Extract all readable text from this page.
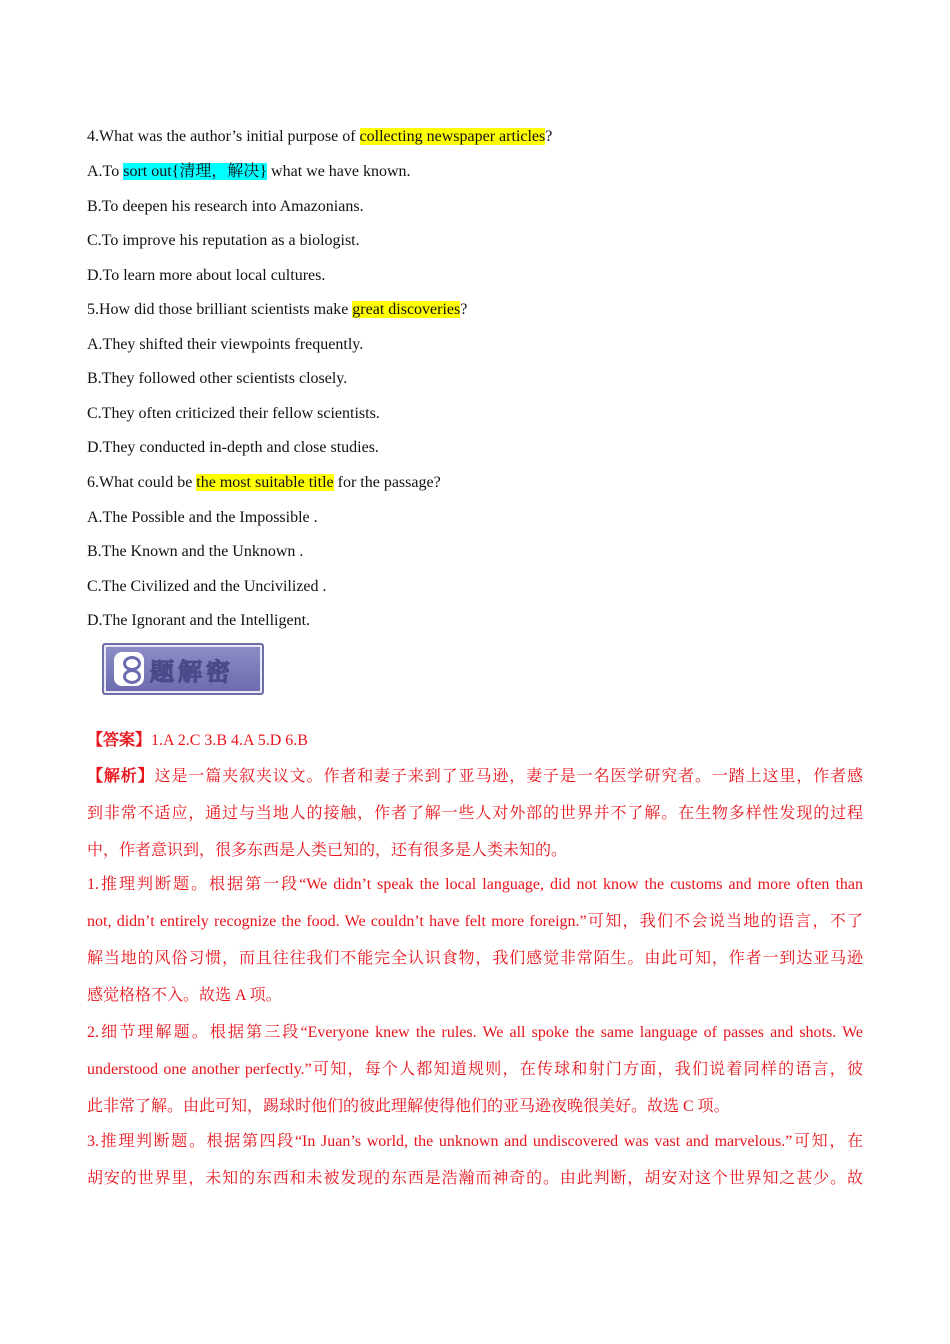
4.What was the author’s initial purpose of collecting newspaper articles?
A.To sort out{清理，解决} what we have known.
B.To deepen his research into Amazonians.
C.To improve his reputation as a biologist.
D.To learn more about local cultures.
5.How did those brilliant scientists make great discoveries?
A.They shifted their viewpoints frequently.
B.They followed other scientists closely.
C.They often criticized their fellow scientists.
D.They conducted in-depth and close studies.
6.What could be the most suitable title for the passage?
A.The Possible and the Impossible .
B.The Known and the Unknown .
C.The Civilized and the Uncivilized .
D.The Ignorant and the Intelligent.
题解密
【答案】1.A 2.C 3.B 4.A 5.D 6.B
【解析】这是一篇夹叙夹议文。作者和妻子来到了亚马逊，妻子是一名医学研究者。一踏上这里，作者感
到非常不适应，通过与当地人的接触，作者了解一些人对外部的世界并不了解。在生物多样性发现的过程
中，作者意识到，很多东西是人类已知的，还有很多是人类未知的。
1.推理判断题。根据第一段“We didn’t speak the local language, did not know the customs and more often than
not, didn’t entirely recognize the food. We couldn’t have felt more foreign.”可知，我们不会说当地的语言，不了
解当地的风俗习惯，而且往往我们不能完全认识食物，我们感觉非常陌生。由此可知，作者一到达亚马逊
感觉格格不入。故选 A 项。
2.细节理解题。根据第三段“Everyone knew the rules. We all spoke the same language of passes and shots. We
understood one another perfectly.”可知，每个人都知道规则，在传球和射门方面，我们说着同样的语言，彼
此非常了解。由此可知，踢球时他们的彼此理解使得他们的亚马逊夜晚很美好。故选 C 项。
3.推理判断题。根据第四段“In Juan’s world, the unknown and undiscovered was vast and marvelous.”可知，在
胡安的世界里，未知的东西和未被发现的东西是浩瀚而神奇的。由此判断，胡安对这个世界知之甚少。故
